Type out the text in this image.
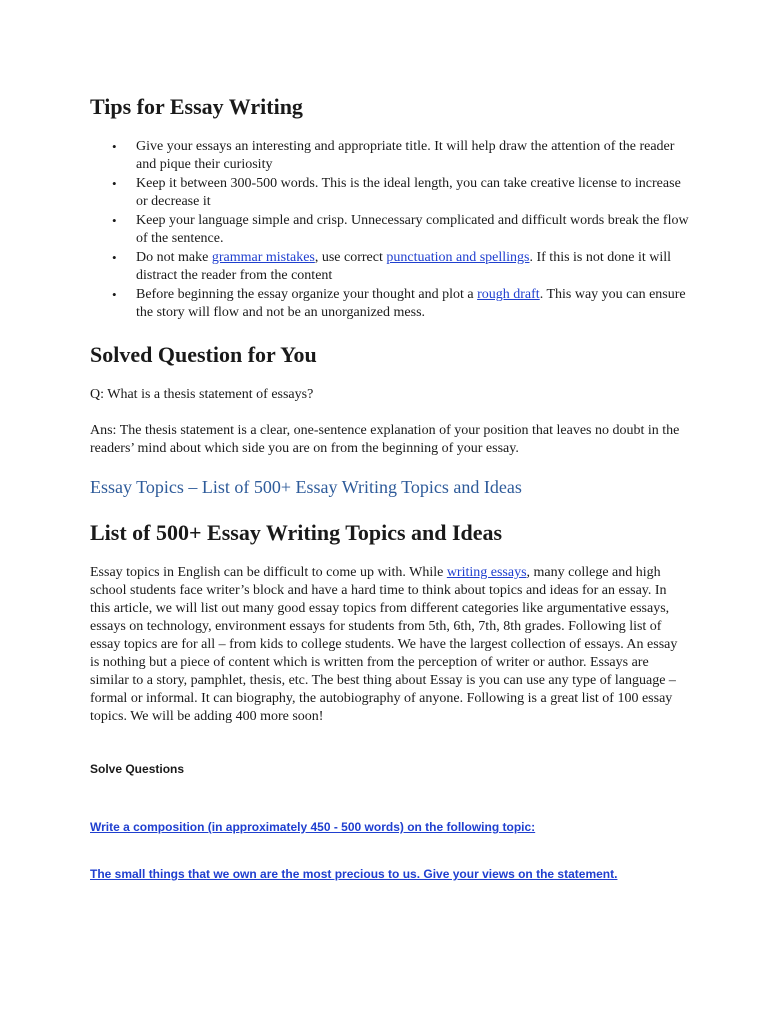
Tips for Essay Writing
• Give your essays an interesting and appropriate title. It will help draw the attention of the reader and pique their curiosity
• Keep it between 300-500 words. This is the ideal length, you can take creative license to increase or decrease it
• Keep your language simple and crisp. Unnecessary complicated and difficult words break the flow of the sentence.
• Do not make grammar mistakes, use correct punctuation and spellings. If this is not done it will distract the reader from the content
• Before beginning the essay organize your thought and plot a rough draft. This way you can ensure the story will flow and not be an unorganized mess.
Solved Question for You

Q: What is a thesis statement of essays?

Ans: The thesis statement is a clear, one-sentence explanation of your position that leaves no doubt in the readers’ mind about which side you are on from the beginning of your essay.

Essay Topics – List of 500+ Essay Writing Topics and Ideas
List of 500+ Essay Writing Topics and Ideas

Essay topics in English can be difficult to come up with. While writing essays, many college and high school students face writer’s block and have a hard time to think about topics and ideas for an essay. In this article, we will list out many good essay topics from different categories like argumentative essays, essays on technology, environment essays for students from 5th, 6th, 7th, 8th grades. Following list of essay topics are for all – from kids to college students. We have the largest collection of essays. An essay is nothing but a piece of content which is written from the perception of writer or author. Essays are similar to a story, pamphlet, thesis, etc. The best thing about Essay is you can use any type of language – formal or informal. It can biography, the autobiography of anyone. Following is a great list of 100 essay topics. We will be adding 400 more soon!

Solve Questions
Write a composition (in approximately 450 - 500 words) on the following topic:
The small things that we own are the most precious to us. Give your views on the statement.
